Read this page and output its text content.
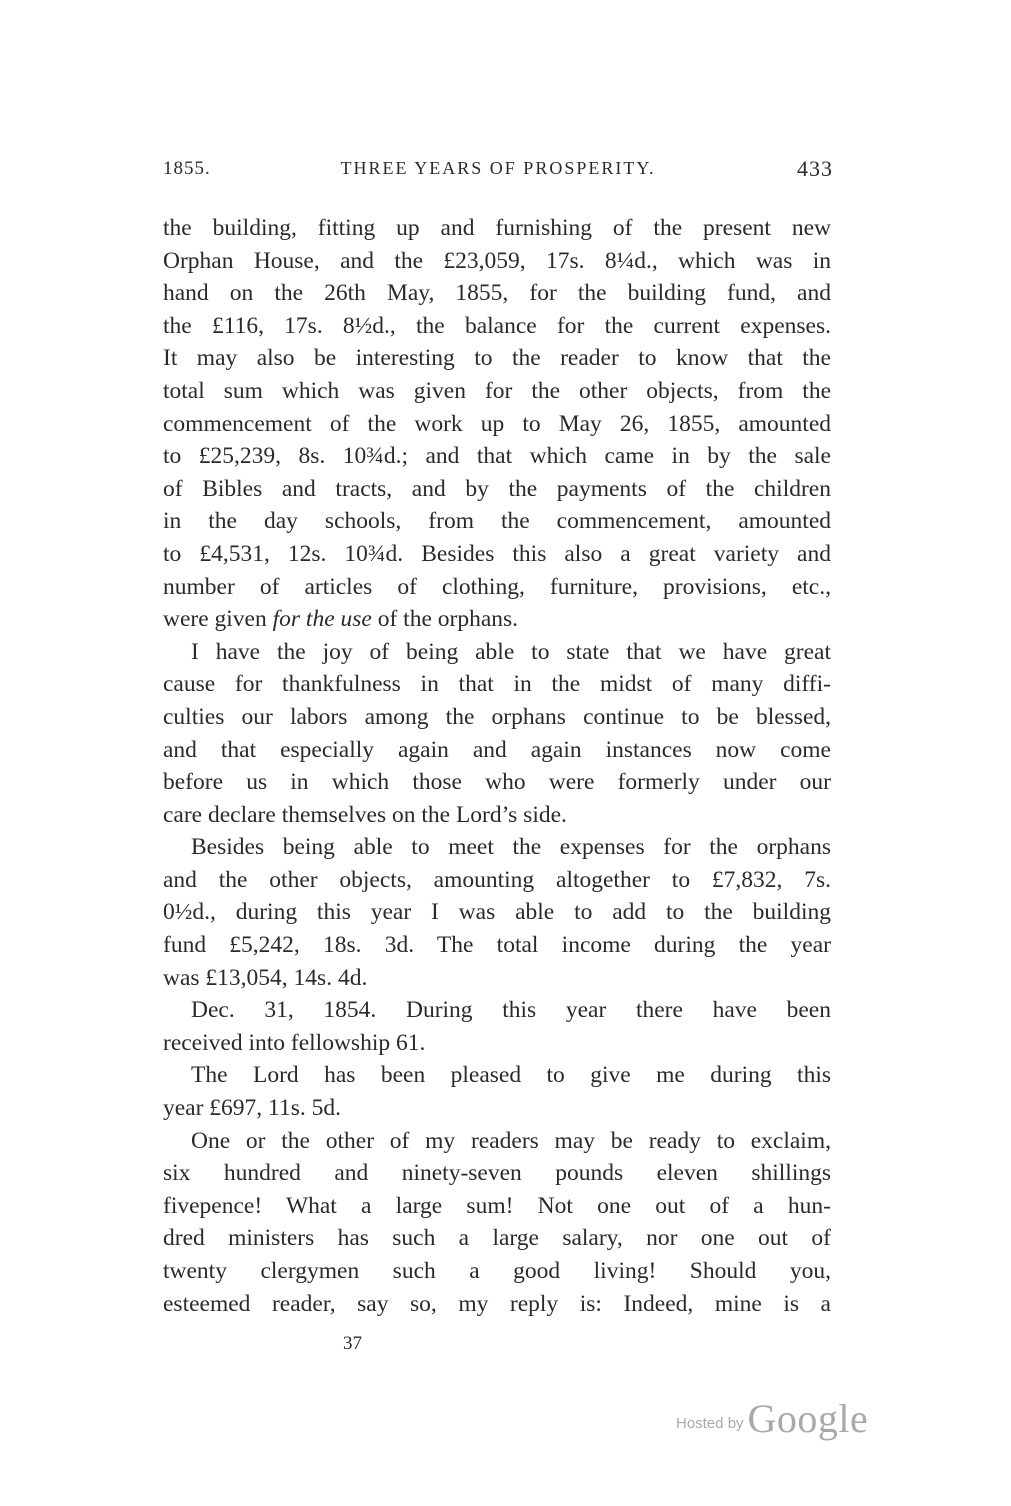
1855.	THREE YEARS OF PROSPERITY.	433
the building, fitting up and furnishing of the present new
Orphan House, and the £23,059, 17s. 8¼d., which was in
hand on the 26th May, 1855, for the building fund, and
the £116, 17s. 8½d., the balance for the current expenses.
It may also be interesting to the reader to know that the
total sum which was given for the other objects, from the
commencement of the work up to May 26, 1855, amounted
to £25,239, 8s. 10¾d.; and that which came in by the sale
of Bibles and tracts, and by the payments of the children
in the day schools, from the commencement, amounted
to £4,531, 12s. 10¾d. Besides this also a great variety and
number of articles of clothing, furniture, provisions, etc.,
were given for the use of the orphans.
I have the joy of being able to state that we have great
cause for thankfulness in that in the midst of many diffi-
culties our labors among the orphans continue to be blessed,
and that especially again and again instances now come
before us in which those who were formerly under our
care declare themselves on the Lord’s side.
Besides being able to meet the expenses for the orphans
and the other objects, amounting altogether to £7,832, 7s.
0½d., during this year I was able to add to the building
fund £5,242, 18s. 3d. The total income during the year
was £13,054, 14s. 4d.
Dec. 31, 1854. During this year there have been
received into fellowship 61.
The Lord has been pleased to give me during this
year £697, 11s. 5d.
One or the other of my readers may be ready to exclaim,
six hundred and ninety-seven pounds eleven shillings
fivepence! What a large sum! Not one out of a hun-
dred ministers has such a large salary, nor one out of
twenty clergymen such a good living! Should you,
esteemed reader, say so, my reply is: Indeed, mine is a
37
Hosted by Google
